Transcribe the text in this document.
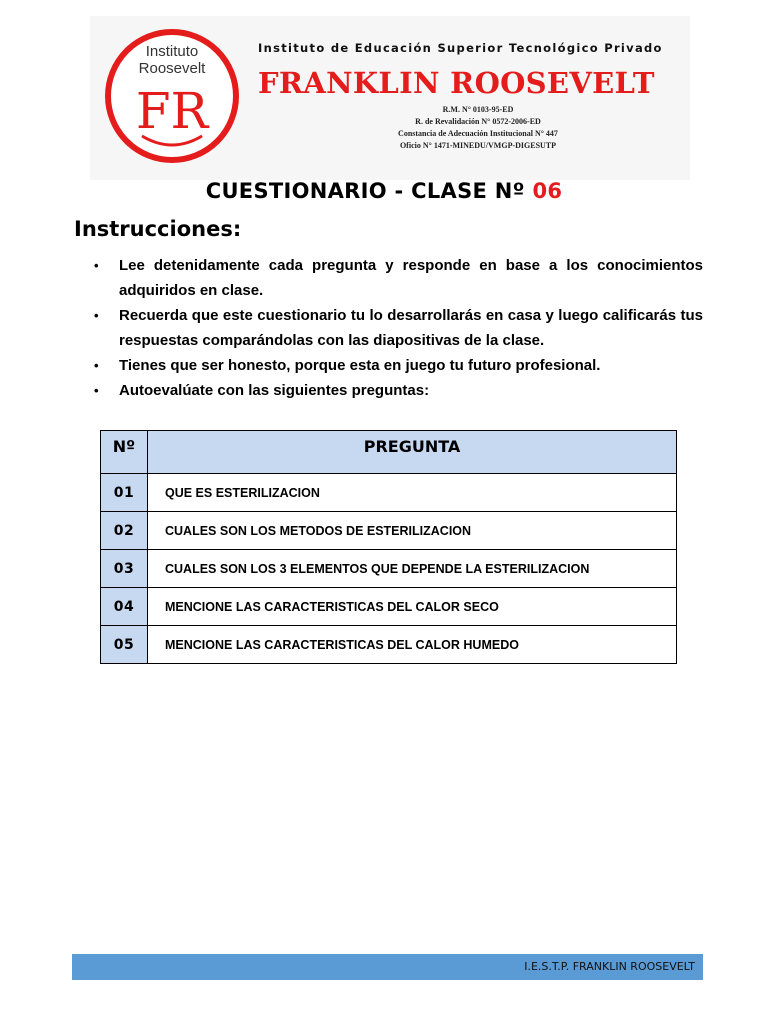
Instituto
Roosevelt
FR
Instituto de Educación Superior Tecnológico Privado
FRANKLIN ROOSEVELT
R.M. N° 0103-95-ED
R. de Revalidación N° 0572-2006-ED
Constancia de Adecuación Institucional N° 447
Oficio N° 1471-MINEDU/VMGP-DIGESUTP
CUESTIONARIO - CLASE Nº 06
Instrucciones:
• Lee detenidamente cada pregunta y responde en base a los conocimientos adquiridos en clase.
• Recuerda que este cuestionario tu lo desarrollarás en casa y luego calificarás tus respuestas comparándolas con las diapositivas de la clase.
• Tienes que ser honesto, porque esta en juego tu futuro profesional.
• Autoevalúate con las siguientes preguntas:
Nº	PREGUNTA
01	QUE ES ESTERILIZACION
02	CUALES SON LOS METODOS DE ESTERILIZACION
03	CUALES SON LOS 3 ELEMENTOS QUE DEPENDE LA ESTERILIZACION
04	MENCIONE LAS CARACTERISTICAS DEL CALOR SECO
05	MENCIONE LAS CARACTERISTICAS DEL CALOR HUMEDO
I.E.S.T.P. FRANKLIN ROOSEVELT
